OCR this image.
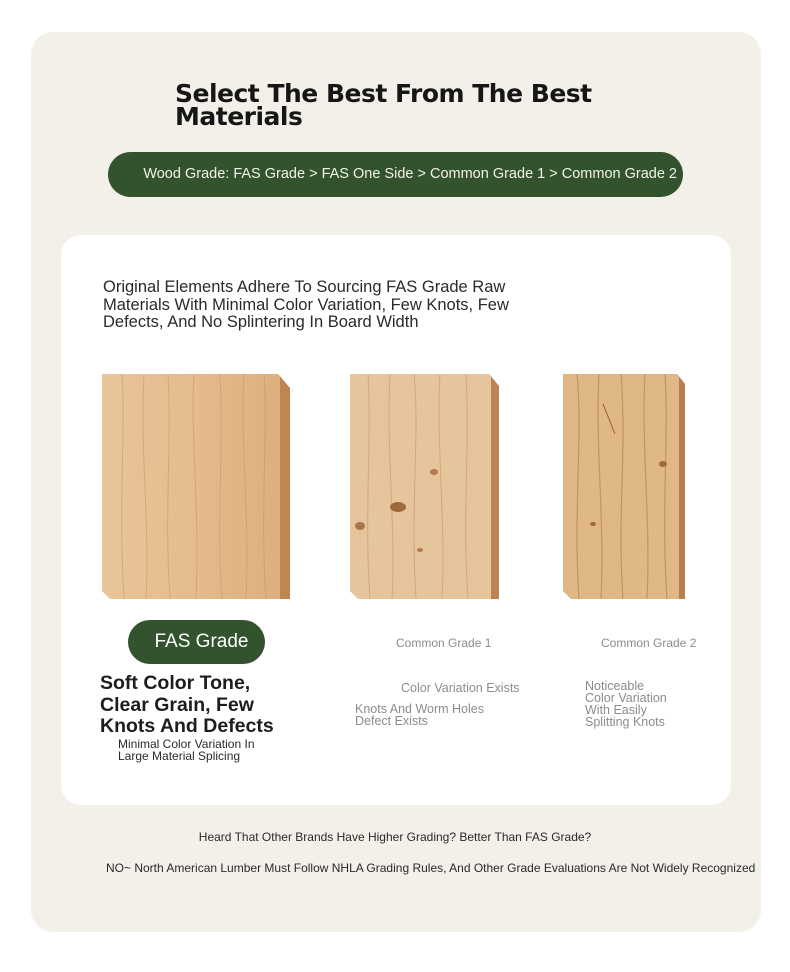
Select The Best From The Best Materials
Wood Grade: FAS Grade > FAS One Side > Common Grade 1 > Common Grade 2

Original Elements Adhere To Sourcing FAS Grade Raw Materials With Minimal Color Variation, Few Knots, Few Defects, And No Splintering In Board Width

FAS Grade	Common Grade 1	Common Grade 2
Soft Color Tone, Clear Grain, Few Knots And Defects
Minimal Color Variation In Large Material Splicing
Color Variation Exists
Knots And Worm Holes Defect Exists
Noticeable Color Variation With Easily Splitting Knots
Heard That Other Brands Have Higher Grading? Better Than FAS Grade?
NO~ North American Lumber Must Follow NHLA Grading Rules, And Other Grade Evaluations Are Not Widely Recognized
